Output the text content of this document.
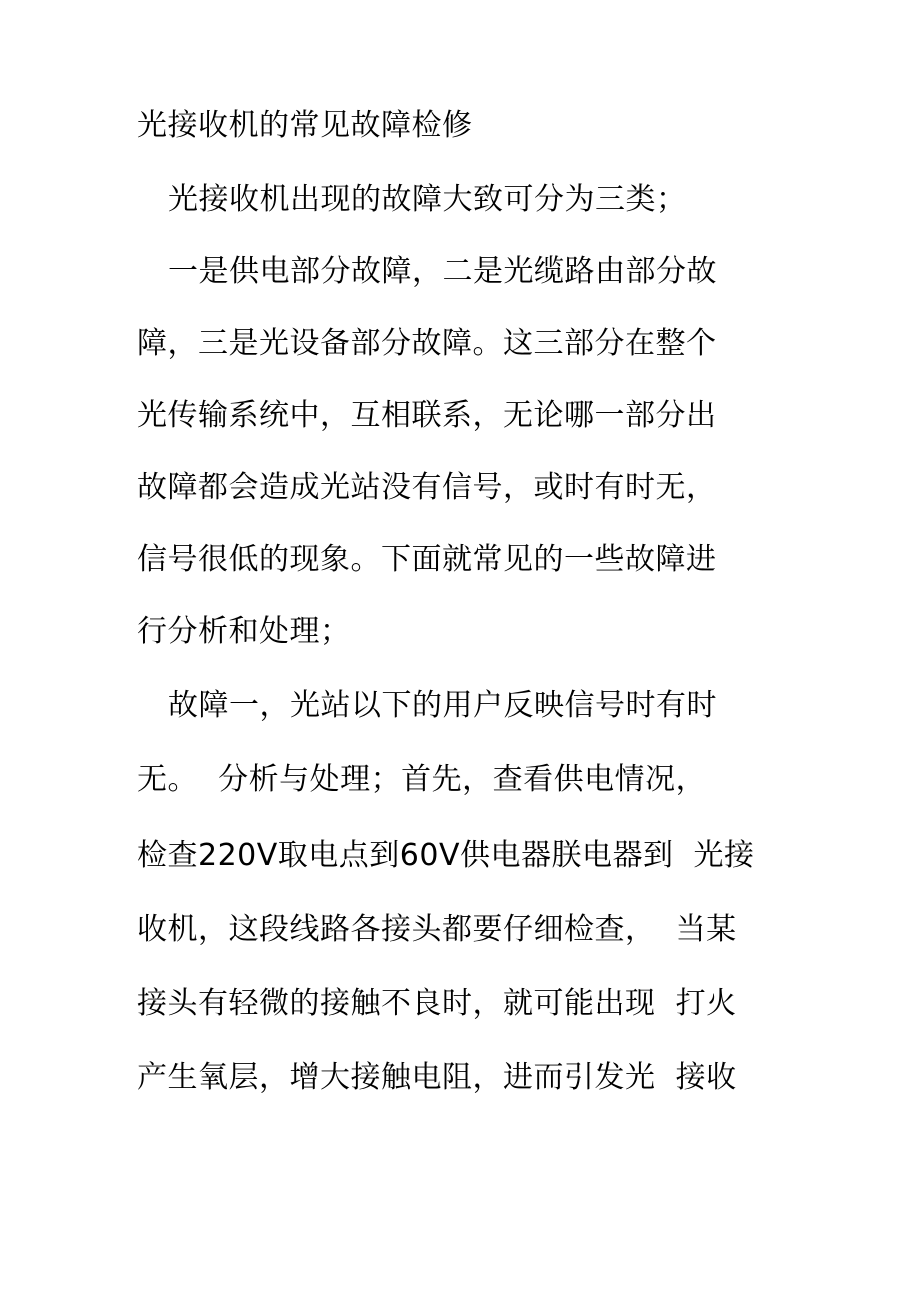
光接收机的常见故障检修
光接收机出现的故障大致可分为三类；
一是供电部分故障，二是光缆路由部分故
障，三是光设备部分故障。这三部分在整个
光传输系统中，互相联系，无论哪一部分出
故障都会造成光站没有信号，或时有时无，
信号很低的现象。下面就常见的一些故障进
行分析和处理；
故障一，光站以下的用户反映信号时有时
无。  分析与处理；首先，查看供电情况，
检查220V取电点到60V供电器朕电器到  光接
收机，这段线路各接头都要仔细检查，  当某
接头有轻微的接触不良时，就可能出现  打火
产生氧层，增大接触电阻，进而引发光  接收
